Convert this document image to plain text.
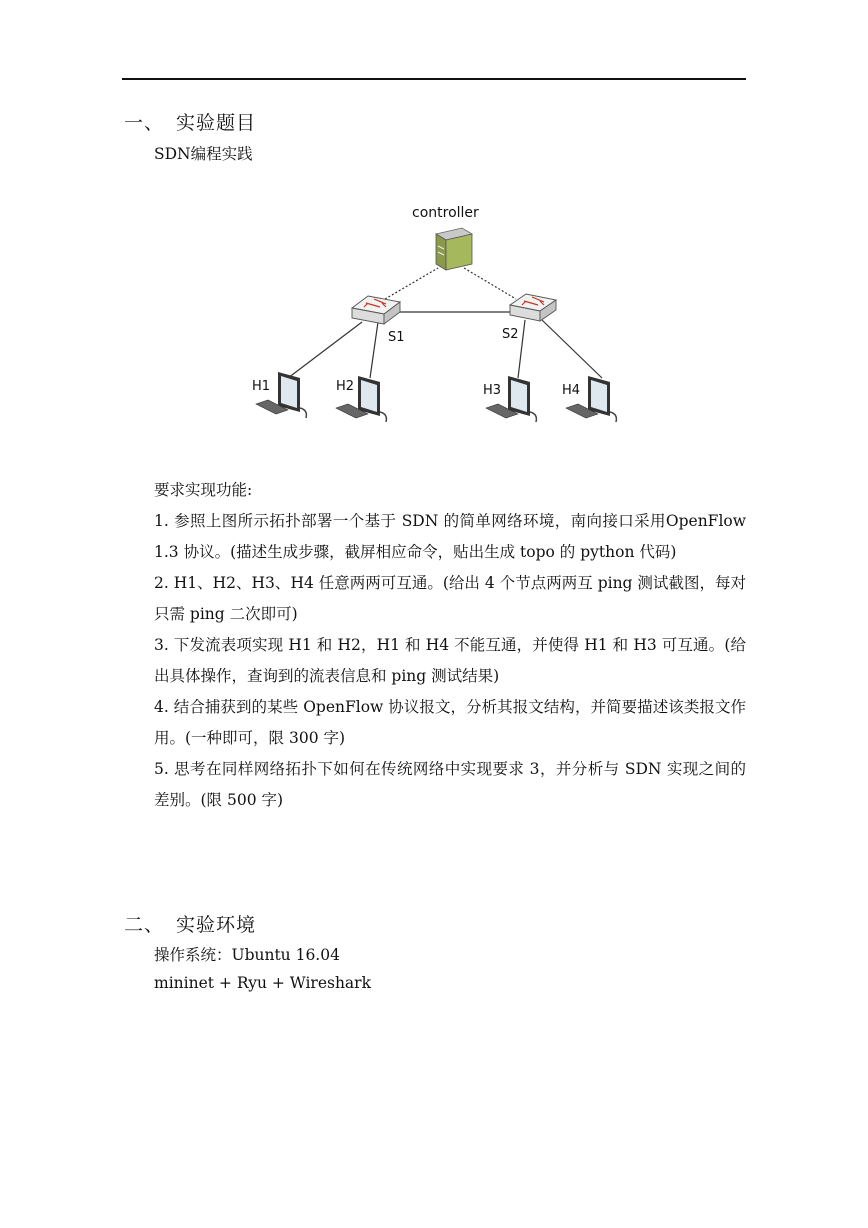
一、 实验题目
SDN编程实践
controller
S1	S2
H1	H2	H3	H4

要求实现功能:

1. 参照上图所示拓扑部署一个基于 SDN 的简单网络环境，南向接口采用OpenFlow 1.3 协议。(描述生成步骤，截屏相应命令，贴出生成 topo 的 python 代码)

2. H1、H2、H3、H4 任意两两可互通。(给出 4 个节点两两互 ping 测试截图，每对只需 ping 二次即可)

3. 下发流表项实现 H1 和 H2，H1 和 H4 不能互通，并使得 H1 和 H3 可互通。(给出具体操作，查询到的流表信息和 ping 测试结果)

4. 结合捕获到的某些 OpenFlow 协议报文，分析其报文结构，并简要描述该类报文作用。(一种即可，限 300 字)

5. 思考在同样网络拓扑下如何在传统网络中实现要求 3，并分析与 SDN 实现之间的差别。(限 500 字)

二、 实验环境
操作系统：Ubuntu 16.04
mininet + Ryu + Wireshark
